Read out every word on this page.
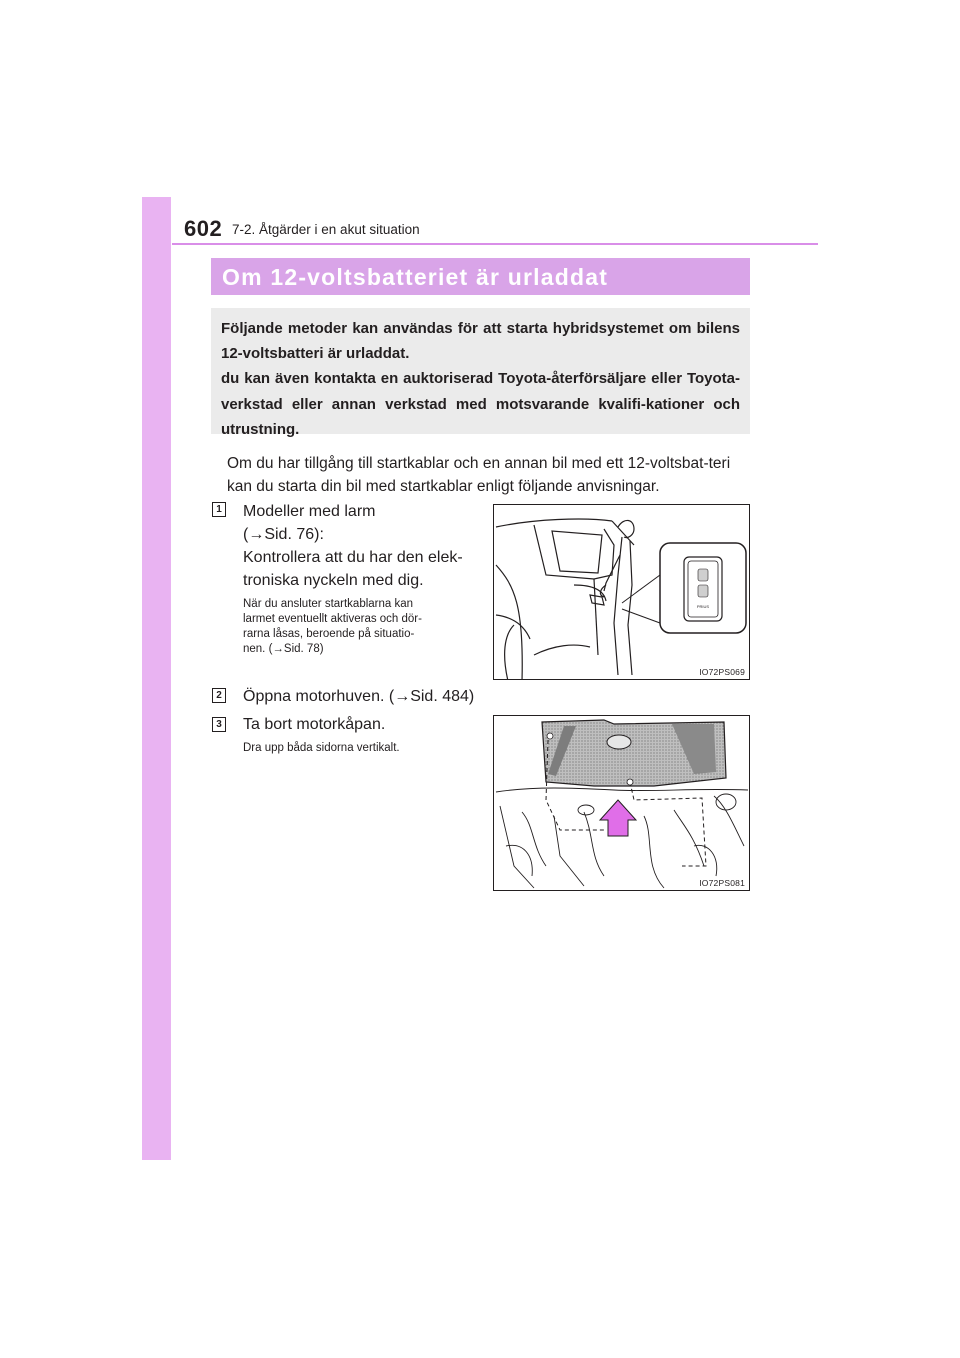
602 7-2. Åtgärder i en akut situation
Om 12-voltsbatteriet är urladdat

Följande metoder kan användas för att starta hybridsystemet om bilens 12-voltsbatteri är urladdat.

du kan även kontakta en auktoriserad Toyota-återförsäljare eller Toyota-verkstad eller annan verkstad med motsvarande kvalifi-kationer och utrustning.

Om du har tillgång till startkablar och en annan bil med ett 12-voltsbat-teri kan du starta din bil med startkablar enligt följande anvisningar.
1 Modeller med larm
(→Sid. 76):
Kontrollera att du har den elek-
troniska nyckeln med dig.
När du ansluter startkablarna kan
larmet eventuellt aktiveras och dör-
rarna låsas, beroende på situatio-
nen. (→Sid. 78)
PRIUS
IO72PS069
2 Öppna motorhuven. (→Sid. 484)
3 Ta bort motorkåpan.
Dra upp båda sidorna vertikalt.
IO72PS081
